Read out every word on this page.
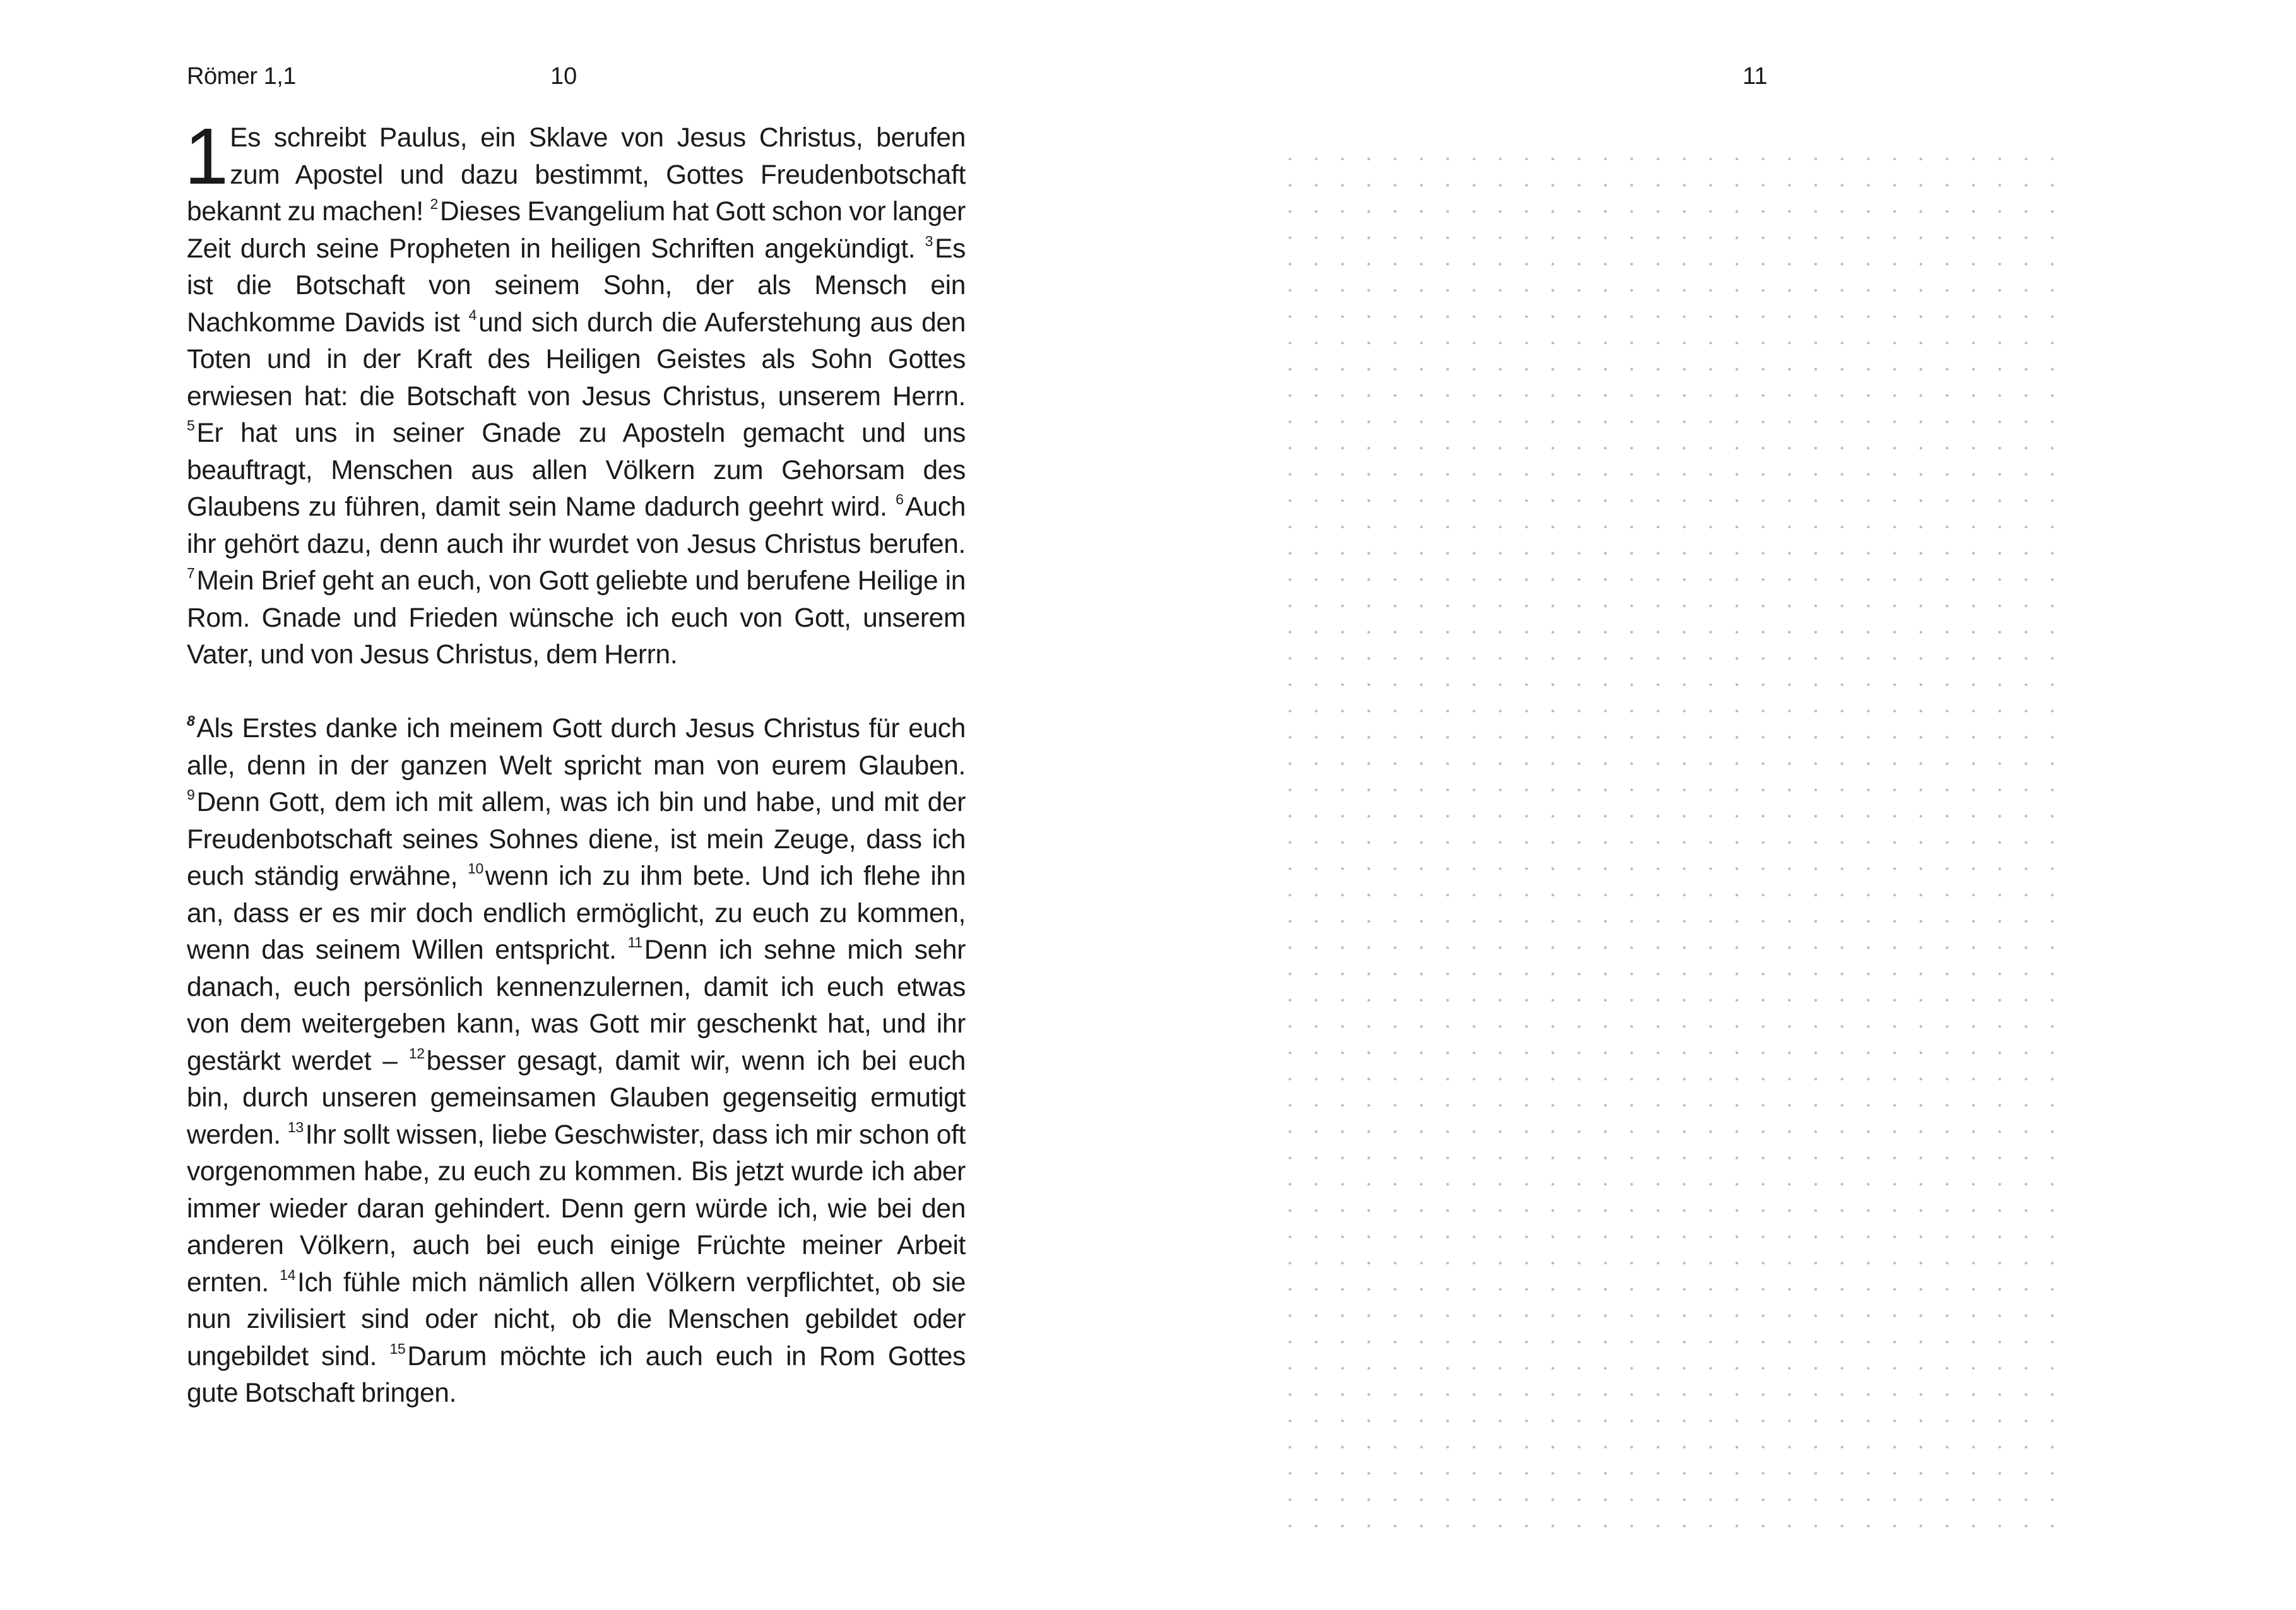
Römer 1,1	10

1 Es schreibt Paulus, ein Sklave von Jesus Christus, berufen zum Apostel und dazu bestimmt, Gottes Freudenbotschaft bekannt zu machen! $^2$Dieses Evangelium hat Gott schon vor langer Zeit durch seine Propheten in heiligen Schriften angekündigt. $^3$Es ist die Botschaft von seinem Sohn, der als Mensch ein Nachkomme Davids ist $^4$und sich durch die Auferstehung aus den Toten und in der Kraft des Heiligen Geistes als Sohn Gottes erwiesen hat: die Botschaft von Jesus Christus, unserem Herrn. $^5$Er hat uns in seiner Gnade zu Aposteln gemacht und uns beauftragt, Menschen aus allen Völkern zum Gehorsam des Glaubens zu führen, damit sein Name dadurch geehrt wird. $^6$Auch ihr gehört dazu, denn auch ihr wurdet von Jesus Christus berufen. $^7$Mein Brief geht an euch, von Gott geliebte und berufene Heilige in Rom. Gnade und Frieden wünsche ich euch von Gott, unserem Vater, und von Jesus Christus, dem Herrn.

$^8$Als Erstes danke ich meinem Gott durch Jesus Christus für euch alle, denn in der ganzen Welt spricht man von eurem Glauben. $^9$Denn Gott, dem ich mit allem, was ich bin und habe, und mit der Freudenbotschaft seines Sohnes diene, ist mein Zeuge, dass ich euch ständig erwähne, $^{10}$wenn ich zu ihm bete. Und ich flehe ihn an, dass er es mir doch endlich ermöglicht, zu euch zu kommen, wenn das seinem Willen entspricht. $^{11}$Denn ich sehne mich sehr danach, euch persönlich kennenzulernen, damit ich euch etwas von dem weitergeben kann, was Gott mir geschenkt hat, und ihr gestärkt werdet – $^{12}$besser gesagt, damit wir, wenn ich bei euch bin, durch unseren gemeinsamen Glauben gegenseitig ermutigt werden. $^{13}$Ihr sollt wissen, liebe Geschwister, dass ich mir schon oft vorgenommen habe, zu euch zu kommen. Bis jetzt wurde ich aber immer wieder daran gehindert. Denn gern würde ich, wie bei den anderen Völkern, auch bei euch einige Früchte meiner Arbeit ernten. $^{14}$Ich fühle mich nämlich allen Völkern verpflichtet, ob sie nun zivilisiert sind oder nicht, ob die Menschen gebildet oder ungebildet sind. $^{15}$Darum möchte ich auch euch in Rom Gottes gute Botschaft bringen.

11
